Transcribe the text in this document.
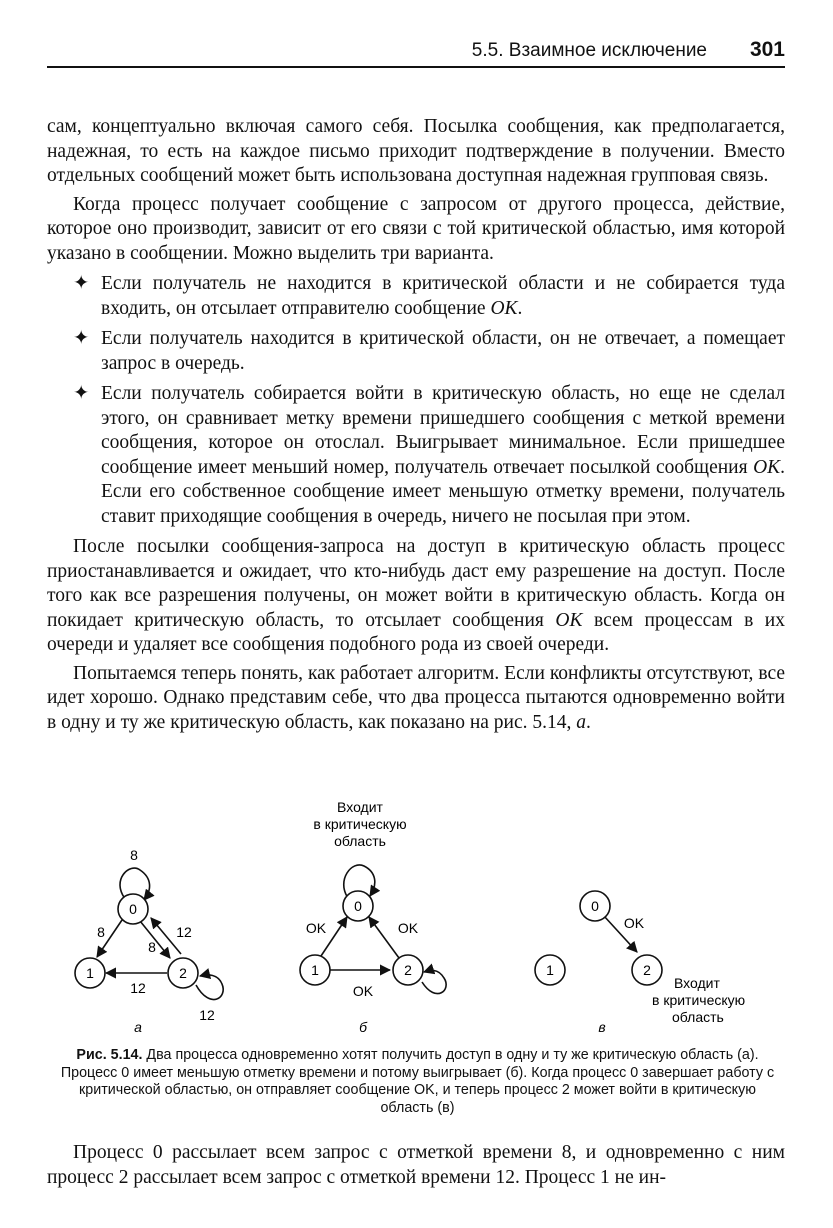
5.5. Взаимное исключение 301

сам, концептуально включая самого себя. Посылка сообщения, как предполагается, надежная, то есть на каждое письмо приходит подтверждение в получении. Вместо отдельных сообщений может быть использована доступная надежная групповая связь.

Когда процесс получает сообщение с запросом от другого процесса, действие, которое оно производит, зависит от его связи с той критической областью, имя которой указано в сообщении. Можно выделить три варианта.

✦ Если получатель не находится в критической области и не собирается туда входить, он отсылает отправителю сообщение ОК.
✦ Если получатель находится в критической области, он не отвечает, а помещает запрос в очередь.
✦ Если получатель собирается войти в критическую область, но еще не сделал этого, он сравнивает метку времени пришедшего сообщения с меткой времени сообщения, которое он отослал. Выигрывает минимальное. Если пришедшее сообщение имеет меньший номер, получатель отвечает посылкой сообщения ОК. Если его собственное сообщение имеет меньшую отметку времени, получатель ставит приходящие сообщения в очередь, ничего не посылая при этом.

После посылки сообщения-запроса на доступ в критическую область процесс приостанавливается и ожидает, что кто-нибудь даст ему разрешение на доступ. После того как все разрешения получены, он может войти в критическую область. Когда он покидает критическую область, то отсылает сообщения ОК всем процессам в их очереди и удаляет все сообщения подобного рода из своей очереди.

Попытаемся теперь понять, как работает алгоритм. Если конфликты отсутствуют, все идет хорошо. Однако представим себе, что два процесса пытаются одновременно войти в одну и ту же критическую область, как показано на рис. 5.14, а.

8
8
8
12
12
12
0
1	2
а
Входит
в критическую
область
OK	OK
OK
0
1	2
б
OK
0
1	2
Входит
в критическую
область
в
Рис. 5.14. Два процесса одновременно хотят получить доступ в одну и ту же критическую область (а). Процесс 0 имеет меньшую отметку времени и потому выигрывает (б). Когда процесс 0 завершает работу с критической областью, он отправляет сообщение OK, и теперь процесс 2 может войти в критическую область (в)

Процесс 0 рассылает всем запрос с отметкой времени 8, и одновременно с ним процесс 2 рассылает всем запрос с отметкой времени 12. Процесс 1 не ин-
